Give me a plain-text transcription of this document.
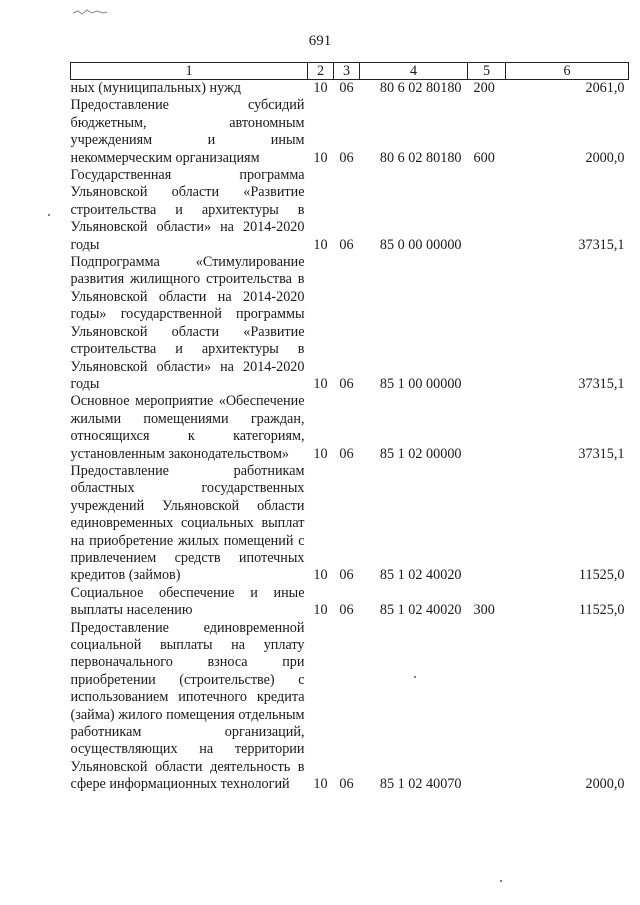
691
1	2	3	4	5	6
ных (муниципальных) нужд	10	06	80 6 02 80180	200	2061,0
Предоставление субсидий бюджетным, автономным учреждениям и иным некоммерческим организациям	10	06	80 6 02 80180	600	2000,0
Государственная программа Ульяновской области «Развитие строительства и архитектуры в Ульяновской области» на 2014-2020 годы	10	06	85 0 00 00000		37315,1
Подпрограмма «Стимулирование развития жилищного строительства в Ульяновской области на 2014-2020 годы» государственной программы Ульяновской области «Развитие строительства и архитектуры в Ульяновской области» на 2014-2020 годы	10	06	85 1 00 00000		37315,1
Основное мероприятие «Обеспечение жилыми помещениями граждан, относящихся к категориям, установленным законодательством»	10	06	85 1 02 00000		37315,1
Предоставление работникам областных государственных учреждений Ульяновской области единовременных социальных выплат на приобретение жилых помещений с привлечением средств ипотечных кредитов (займов)	10	06	85 1 02 40020		11525,0
Социальное обеспечение и иные выплаты населению	10	06	85 1 02 40020	300	11525,0
Предоставление единовременной социальной выплаты на уплату первоначального взноса при приобретении (строительстве) с использованием ипотечного кредита (займа) жилого помещения отдельным работникам организаций, осуществляющих на территории Ульяновской области деятельность в сфере информационных технологий	10	06	85 1 02 40070		2000,0
